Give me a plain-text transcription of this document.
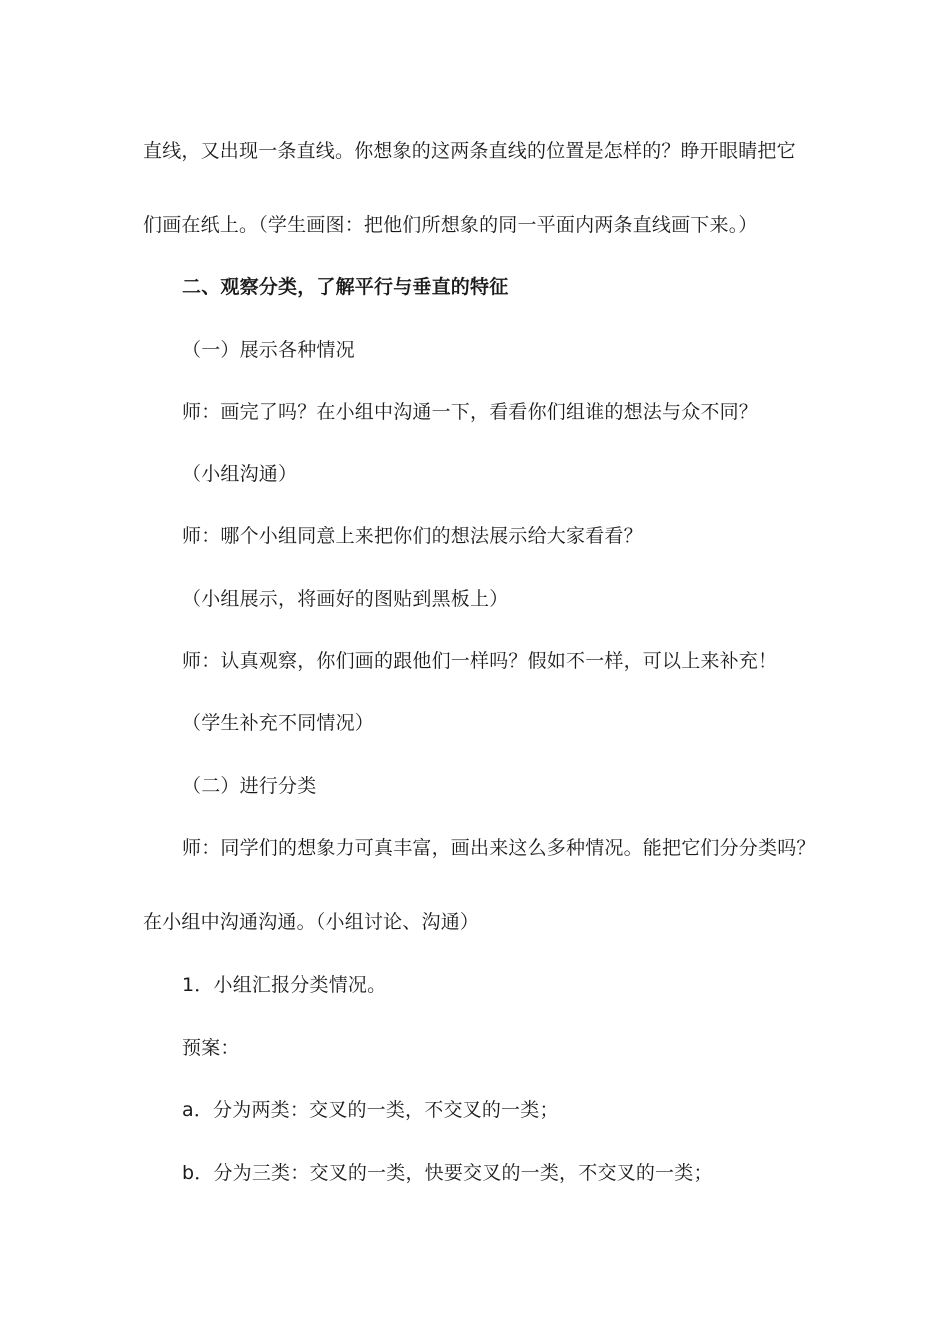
直线，又出现一条直线。你想象的这两条直线的位置是怎样的？睁开眼睛把它
们画在纸上。（学生画图：把他们所想象的同一平面内两条直线画下来。）
二、观察分类，了解平行与垂直的特征
（一）展示各种情况
师：画完了吗？在小组中沟通一下，看看你们组谁的想法与众不同？
（小组沟通）
师：哪个小组同意上来把你们的想法展示给大家看看？
（小组展示，将画好的图贴到黑板上）
师：认真观察，你们画的跟他们一样吗？假如不一样，可以上来补充！
（学生补充不同情况）
（二）进行分类
师：同学们的想象力可真丰富，画出来这么多种情况。能把它们分分类吗？
在小组中沟通沟通。（小组讨论、沟通）
1．小组汇报分类情况。
预案：
a．分为两类：交叉的一类，不交叉的一类；
b．分为三类：交叉的一类，快要交叉的一类，不交叉的一类；
